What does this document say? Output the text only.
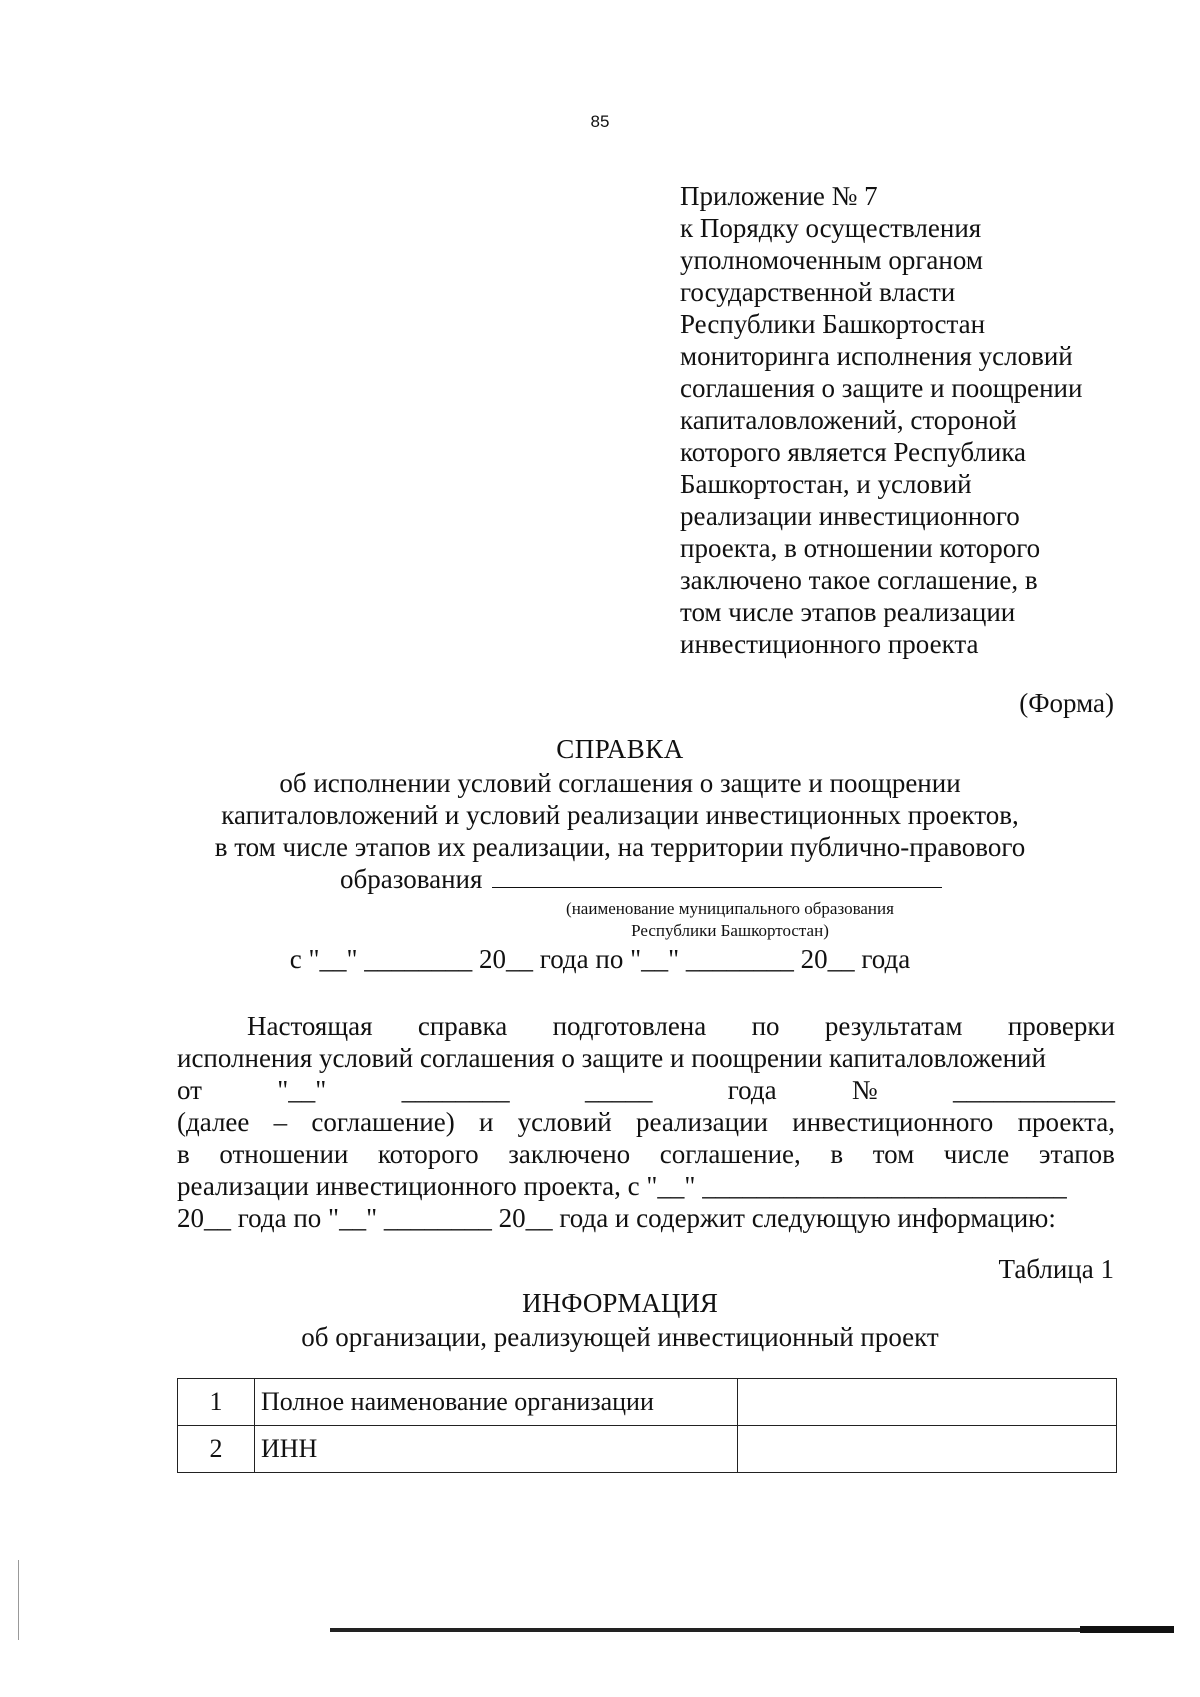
85
Приложение № 7
к Порядку осуществления
уполномоченным органом
государственной власти
Республики Башкортостан
мониторинга исполнения условий
соглашения о защите и поощрении
капиталовложений, стороной
которого является Республика
Башкортостан, и условий
реализации инвестиционного
проекта, в отношении которого
заключено такое соглашение, в
том числе этапов реализации
инвестиционного проекта
(Форма)
СПРАВКА
об исполнении условий соглашения о защите и поощрении
капиталовложений и условий реализации инвестиционных проектов,
в том числе этапов их реализации, на территории публично-правового
образования
(наименование муниципального образования
Республики Башкортостан)
с "__" ________ 20__ года по "__" ________ 20__ года
Настоящая справка подготовлена по результатам проверки
исполнения условий соглашения о защите и поощрении капиталовложений
от	"__"	________	_____	года	№	____________
(далее – соглашение) и условий реализации инвестиционного проекта,
в отношении которого заключено соглашение, в том числе этапов
реализации инвестиционного проекта, с "__" ___________________________
20__ года по "__" ________ 20__ года и содержит следующую информацию:
Таблица 1
ИНФОРМАЦИЯ
об организации, реализующей инвестиционный проект
1	Полное наименование организации	
2	ИНН	
